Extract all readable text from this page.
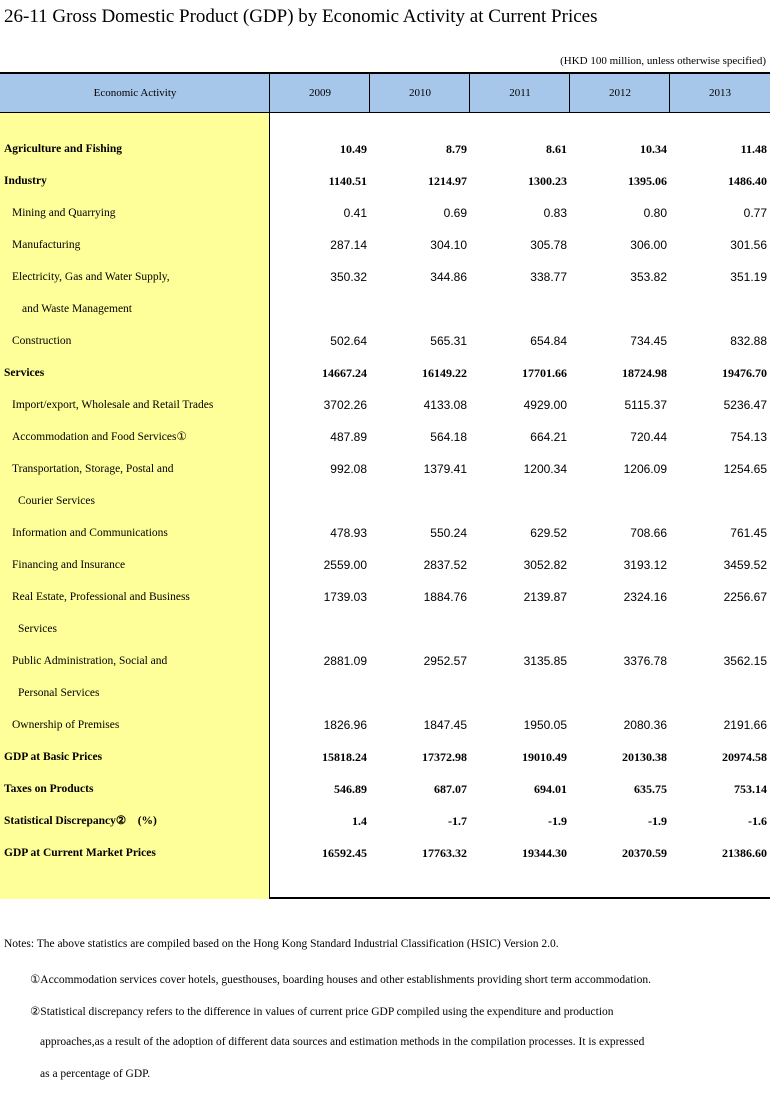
26-11 Gross Domestic Product (GDP) by Economic Activity at Current Prices
(HKD 100 million, unless otherwise specified)
Economic Activity	2009	2010	2011	2012	2013
Agriculture and Fishing	10.49	8.79	8.61	10.34	11.48
Industry	1140.51	1214.97	1300.23	1395.06	1486.40
Mining and Quarrying	0.41	0.69	0.83	0.80	0.77
Manufacturing	287.14	304.10	305.78	306.00	301.56
Electricity, Gas and Water Supply,	350.32	344.86	338.77	353.82	351.19
and Waste Management
Construction	502.64	565.31	654.84	734.45	832.88
Services	14667.24	16149.22	17701.66	18724.98	19476.70
Import/export, Wholesale and Retail Trades	3702.26	4133.08	4929.00	5115.37	5236.47
Accommodation and Food Services①	487.89	564.18	664.21	720.44	754.13
Transportation, Storage, Postal and	992.08	1379.41	1200.34	1206.09	1254.65
Courier Services
Information and Communications	478.93	550.24	629.52	708.66	761.45
Financing and Insurance	2559.00	2837.52	3052.82	3193.12	3459.52
Real Estate, Professional and Business	1739.03	1884.76	2139.87	2324.16	2256.67
Services
Public Administration, Social and	2881.09	2952.57	3135.85	3376.78	3562.15
Personal Services
Ownership of Premises	1826.96	1847.45	1950.05	2080.36	2191.66
GDP at Basic Prices	15818.24	17372.98	19010.49	20130.38	20974.58
Taxes on Products	546.89	687.07	694.01	635.75	753.14
Statistical Discrepancy②　(%)	1.4	-1.7	-1.9	-1.9	-1.6
GDP at Current Market Prices	16592.45	17763.32	19344.30	20370.59	21386.60
Notes: The above statistics are compiled based on the Hong Kong Standard Industrial Classification (HSIC) Version 2.0.
①Accommodation services cover hotels, guesthouses, boarding houses and other establishments providing short term accommodation.
②Statistical discrepancy refers to the difference in values of current price GDP compiled using the expenditure and production
approaches,as a result of the adoption of different data sources and estimation methods in the compilation processes. It is expressed
as a percentage of GDP.
